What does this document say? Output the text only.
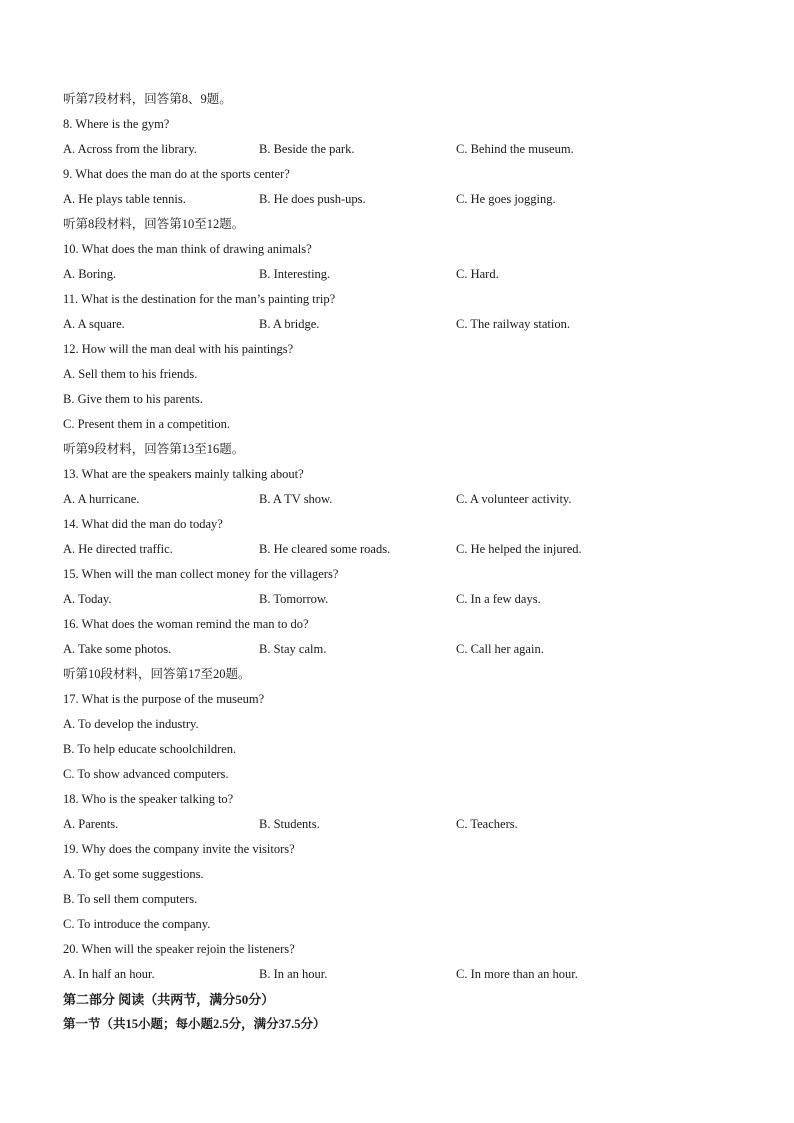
听第7段材料，回答第8、9题。
8. Where is the gym?
A. Across from the library.	B. Beside the park.	C. Behind the museum.
9. What does the man do at the sports center?
A. He plays table tennis.	B. He does push-ups.	C. He goes jogging.
听第8段材料，回答第10至12题。
10. What does the man think of drawing animals?
A. Boring.	B. Interesting.	C. Hard.
11. What is the destination for the man’s painting trip?
A. A square.	B. A bridge.	C. The railway station.
12. How will the man deal with his paintings?
A. Sell them to his friends.
B. Give them to his parents.
C. Present them in a competition.
听第9段材料，回答第13至16题。
13. What are the speakers mainly talking about?
A. A hurricane.	B. A TV show.	C. A volunteer activity.
14. What did the man do today?
A. He directed traffic.	B. He cleared some roads.	C. He helped the injured.
15. When will the man collect money for the villagers?
A. Today.	B. Tomorrow.	C. In a few days.
16. What does the woman remind the man to do?
A. Take some photos.	B. Stay calm.	C. Call her again.
听第10段材料，回答第17至20题。
17. What is the purpose of the museum?
A. To develop the industry.
B. To help educate schoolchildren.
C. To show advanced computers.
18. Who is the speaker talking to?
A. Parents.	B. Students.	C. Teachers.
19. Why does the company invite the visitors?
A. To get some suggestions.
B. To sell them computers.
C. To introduce the company.
20. When will the speaker rejoin the listeners?
A. In half an hour.	B. In an hour.	C. In more than an hour.
第二部分 阅读（共两节，满分50分）
第一节（共15小题；每小题2.5分，满分37.5分）
